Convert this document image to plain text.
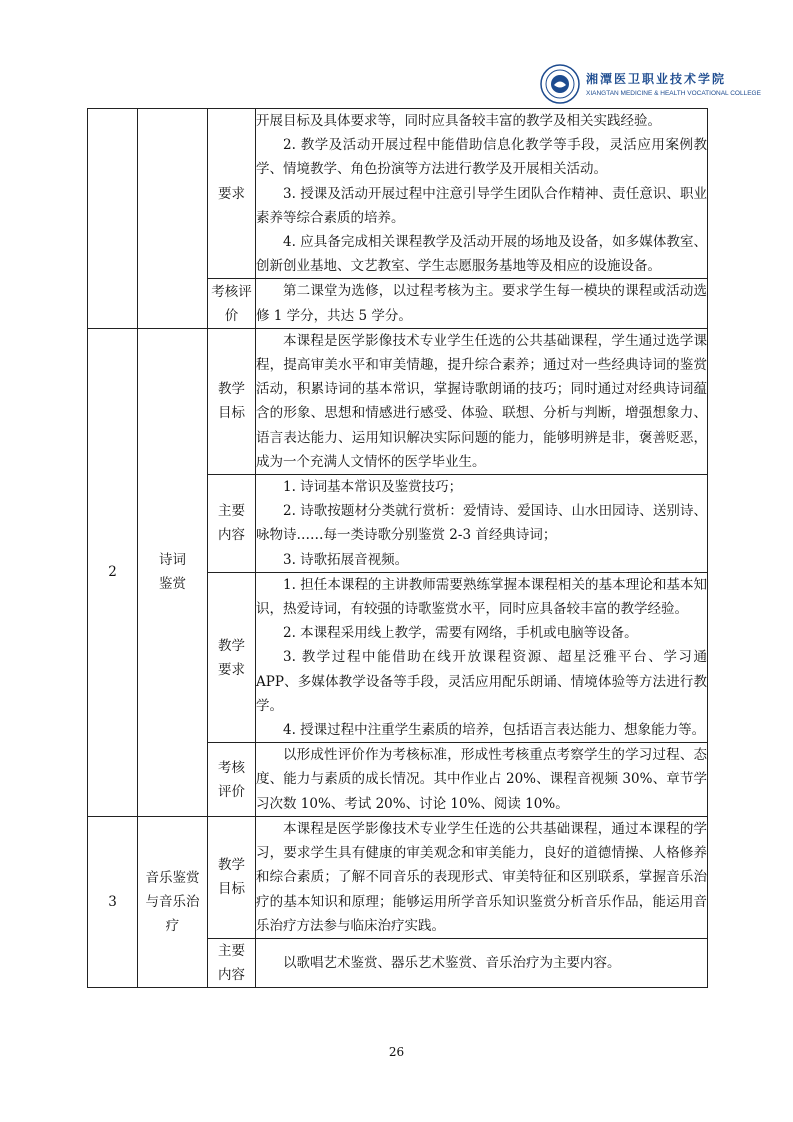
湘潭医卫职业技术学院
XIANGTAN MEDICINE & HEALTH VOCATIONAL COLLEGE
		要求	开展目标及具体要求等，同时应具备较丰富的教学及相关实践经验。

2. 教学及活动开展过程中能借助信息化教学等手段，灵活应用案例教学、情境教学、角色扮演等方法进行教学及开展相关活动。

3. 授课及活动开展过程中注意引导学生团队合作精神、责任意识、职业素养等综合素质的培养。

4. 应具备完成相关课程教学及活动开展的场地及设备，如多媒体教室、创新创业基地、文艺教室、学生志愿服务基地等及相应的设施设备。

		考核评价	第二课堂为选修，以过程考核为主。要求学生每一模块的课程或活动选修 1 学分，共达 5 学分。

2	诗词鉴赏	教学目标	本课程是医学影像技术专业学生任选的公共基础课程，学生通过选学课程，提高审美水平和审美情趣，提升综合素养；通过对一些经典诗词的鉴赏活动，积累诗词的基本常识，掌握诗歌朗诵的技巧；同时通过对经典诗词蕴含的形象、思想和情感进行感受、体验、联想、分析与判断，增强想象力、语言表达能力、运用知识解决实际问题的能力，能够明辨是非，褒善贬恶，成为一个充满人文情怀的医学毕业生。

		主要内容	1. 诗词基本常识及鉴赏技巧；

2. 诗歌按题材分类就行赏析：爱情诗、爱国诗、山水田园诗、送别诗、咏物诗……每一类诗歌分别鉴赏 2-3 首经典诗词；

3. 诗歌拓展音视频。

		教学要求	1. 担任本课程的主讲教师需要熟练掌握本课程相关的基本理论和基本知识，热爱诗词，有较强的诗歌鉴赏水平，同时应具备较丰富的教学经验。

2. 本课程采用线上教学，需要有网络，手机或电脑等设备。

3. 教学过程中能借助在线开放课程资源、超星泛雅平台、学习通 APP、多媒体教学设备等手段，灵活应用配乐朗诵、情境体验等方法进行教学。

4. 授课过程中注重学生素质的培养，包括语言表达能力、想象能力等。

		考核评价	以形成性评价作为考核标准，形成性考核重点考察学生的学习过程、态度、能力与素质的成长情况。其中作业占 20%、课程音视频 30%、章节学习次数 10%、考试 20%、讨论 10%、阅读 10%。

3	音乐鉴赏与音乐治疗	教学目标	本课程是医学影像技术专业学生任选的公共基础课程，通过本课程的学习，要求学生具有健康的审美观念和审美能力，良好的道德情操、人格修养和综合素质；了解不同音乐的表现形式、审美特征和区别联系，掌握音乐治疗的基本知识和原理；能够运用所学音乐知识鉴赏分析音乐作品，能运用音乐治疗方法参与临床治疗实践。

		主要内容	以歌唱艺术鉴赏、器乐艺术鉴赏、音乐治疗为主要内容。

26
